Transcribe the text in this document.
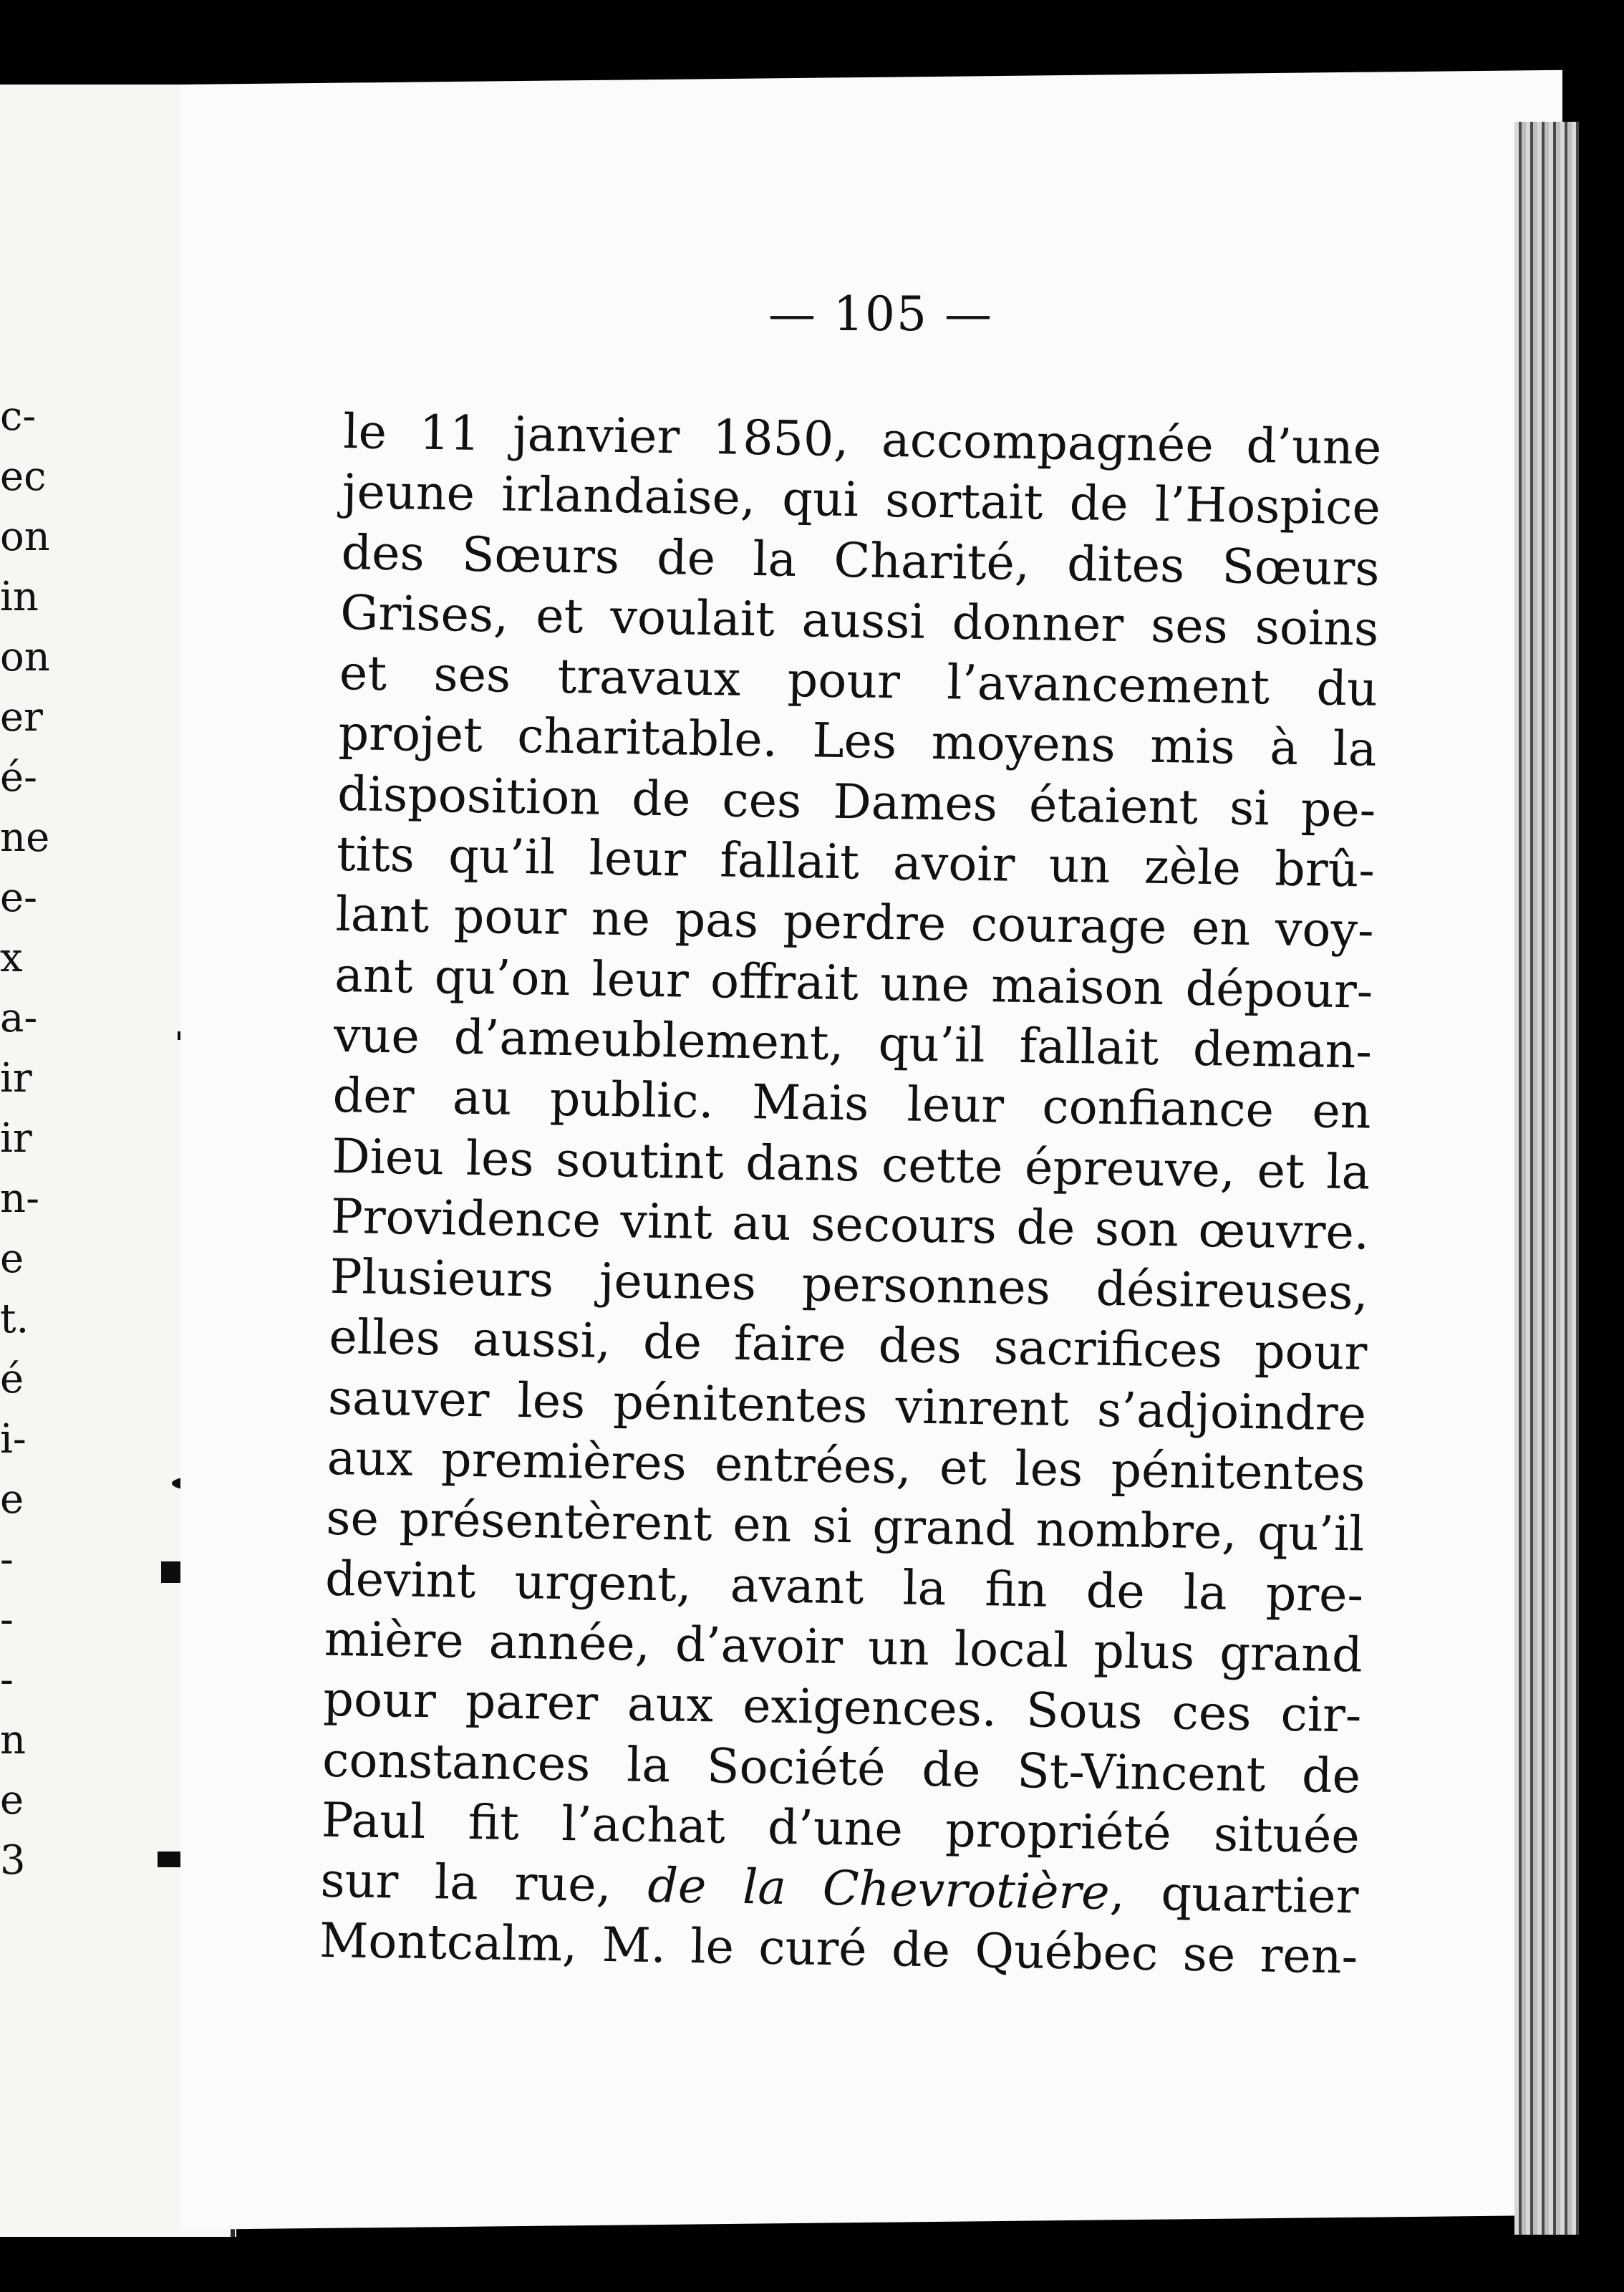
c-
ec
on
in
on
er
é-
ne
e-
x
a-
ir
ir
n-
e
t.
é
i-
e
-
-
-
n
e
3
— 105 —
le 11 janvier 1850, accompagnée d’une
jeune irlandaise, qui sortait de l’Hospice
des Sœurs de la Charité, dites Sœurs
Grises, et voulait aussi donner ses soins
et ses travaux pour l’avancement du
projet charitable. Les moyens mis à la
disposition de ces Dames étaient si pe-
tits qu’il leur fallait avoir un zèle brû-
lant pour ne pas perdre courage en voy-
ant qu’on leur offrait une maison dépour-
vue d’ameublement, qu’il fallait deman-
der au public. Mais leur confiance en
Dieu les soutint dans cette épreuve, et la
Providence vint au secours de son œuvre.
Plusieurs jeunes personnes désireuses,
elles aussi, de faire des sacrifices pour
sauver les pénitentes vinrent s’adjoindre
aux premières entrées, et les pénitentes
se présentèrent en si grand nombre, qu’il
devint urgent, avant la fin de la pre-
mière année, d’avoir un local plus grand
pour parer aux exigences. Sous ces cir-
constances la Société de St-Vincent de
Paul fit l’achat d’une propriété située
sur la rue, de la Chevrotière, quartier
Montcalm, M. le curé de Québec se ren-
